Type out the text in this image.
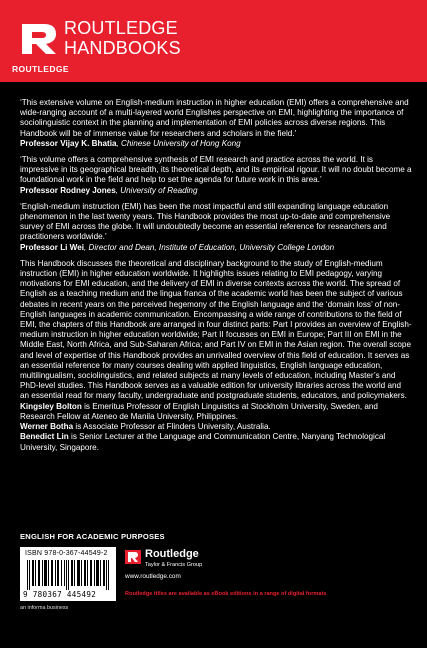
ROUTLEDGE
ROUTLEDGE
HANDBOOKS

‘This extensive volume on English-medium instruction in higher education (EMI) offers a comprehensive and wide-ranging account of a multi-layered world Englishes perspective on EMI, highlighting the importance of sociolinguistic context in the planning and implementation of EMI policies across diverse regions. This Handbook will be of immense value for researchers and scholars in the field.’

Professor Vijay K. Bhatia, Chinese University of Hong Kong

‘This volume offers a comprehensive synthesis of EMI research and practice across the world. It is impressive in its geographical breadth, its theoretical depth, and its empirical rigour. It will no doubt become a foundational work in the field and help to set the agenda for future work in this area.’

Professor Rodney Jones, University of Reading

‘English-medium instruction (EMI) has been the most impactful and still expanding language education phenomenon in the last twenty years. This Handbook provides the most up-to-date and comprehensive survey of EMI across the globe. It will undoubtedly become an essential reference for researchers and practitioners worldwide.’

Professor Li Wei, Director and Dean, Institute of Education, University College London

This Handbook discusses the theoretical and disciplinary background to the study of English-medium instruction (EMI) in higher education worldwide. It highlights issues relating to EMI pedagogy, varying motivations for EMI education, and the delivery of EMI in diverse contexts across the world. The spread of English as a teaching medium and the lingua franca of the academic world has been the subject of various debates in recent years on the perceived hegemony of the English language and the ‘domain loss’ of non-English languages in academic communication. Encompassing a wide range of contributions to the field of EMI, the chapters of this Handbook are arranged in four distinct parts: Part I provides an overview of English-medium instruction in higher education worldwide; Part II focusses on EMI in Europe; Part III on EMI in the Middle East, North Africa, and Sub-Saharan Africa; and Part IV on EMI in the Asian region. The overall scope and level of expertise of this Handbook provides an unrivalled overview of this field of education. It serves as an essential reference for many courses dealing with applied linguistics, English language education, multilingualism, sociolinguistics, and related subjects at many levels of education, including Master’s and PhD-level studies. This Handbook serves as a valuable edition for university libraries across the world and an essential read for many faculty, undergraduate and postgraduate students, educators, and policymakers.

Kingsley Bolton is Emeritus Professor of English Linguistics at Stockholm University, Sweden, and Research Fellow at Ateneo de Manila University, Philippines.

Werner Botha is Associate Professor at Flinders University, Australia.

Benedict Lin is Senior Lecturer at the Language and Communication Centre, Nanyang Technological University, Singapore.

ENGLISH FOR ACADEMIC PURPOSES
ISBN 978-0-367-44549-2
9 780367 445492
an informa business
Routledge
Taylor & Francis Group
www.routledge.com
Routledge titles are available as eBook editions in a range of digital formats
